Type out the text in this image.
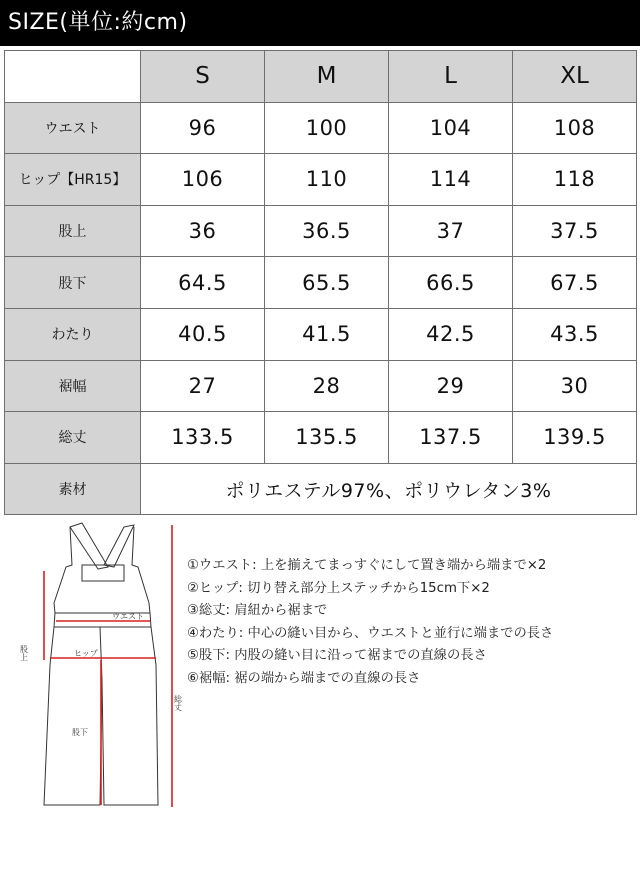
SIZE(単位:約cm)
	S	M	L	XL
ウエスト	96	100	104	108
ヒップ【HR15】	106	110	114	118
股上	36	36.5	37	37.5
股下	64.5	65.5	66.5	67.5
わたり	40.5	41.5	42.5	43.5
裾幅	27	28	29	30
総丈	133.5	135.5	137.5	139.5
素材	ポリエステル97%、ポリウレタン3%			
ウエスト
ヒップ
股下
股上
総丈
①ウエスト: 上を揃えてまっすぐにして置き端から端まで×2
②ヒップ: 切り替え部分上ステッチから15cm下×2
③総丈: 肩紐から裾まで
④わたり: 中心の縫い目から、ウエストと並行に端までの長さ
⑤股下: 内股の縫い目に沿って裾までの直線の長さ
⑥裾幅: 裾の端から端までの直線の長さ
